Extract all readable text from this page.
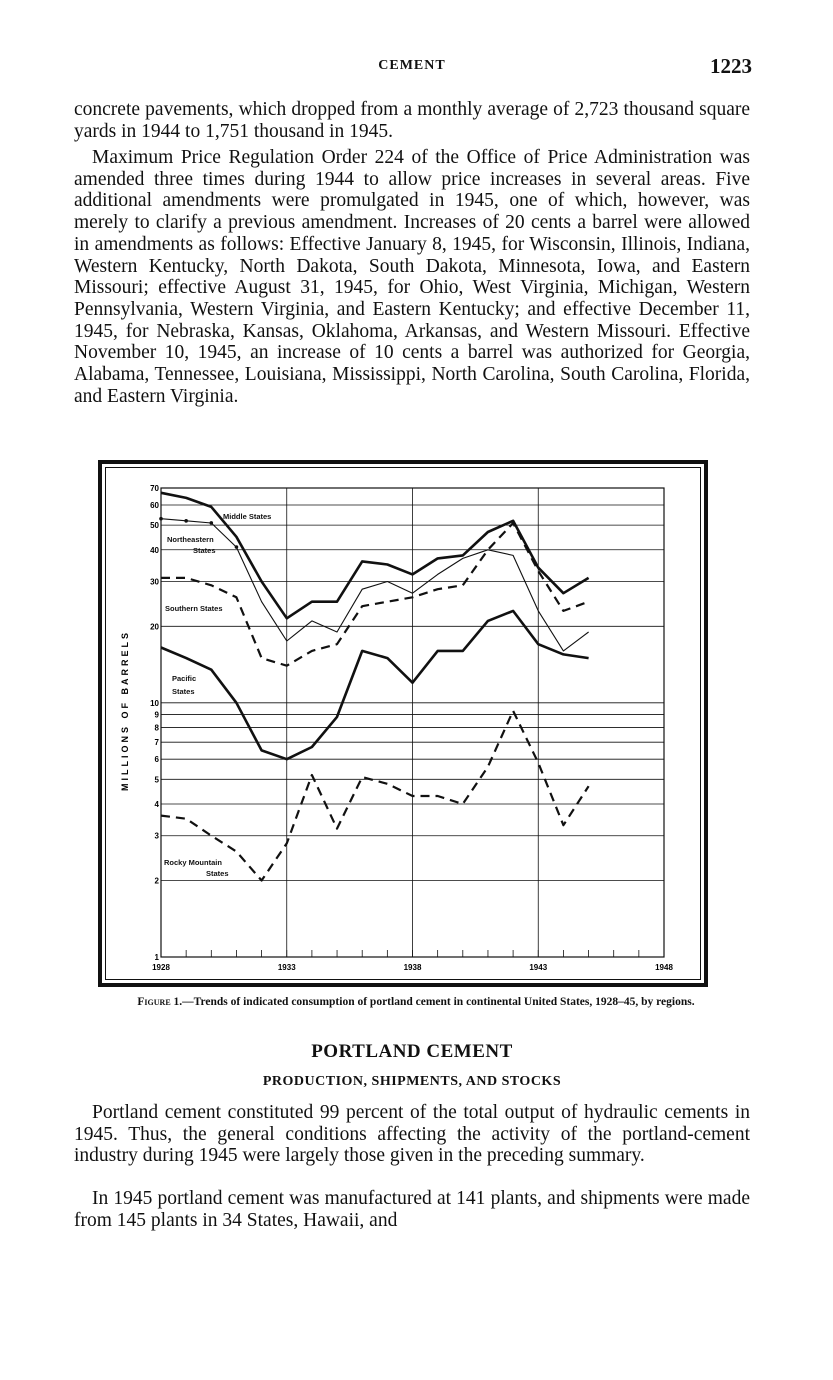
CEMENT	1223

concrete pavements, which dropped from a monthly average of 2,723 thousand square yards in 1944 to 1,751 thousand in 1945.

Maximum Price Regulation Order 224 of the Office of Price Administration was amended three times during 1944 to allow price increases in several areas. Five additional amendments were promulgated in 1945, one of which, however, was merely to clarify a previous amendment. Increases of 20 cents a barrel were allowed in amendments as follows: Effective January 8, 1945, for Wisconsin, Illinois, Indiana, Western Kentucky, North Dakota, South Dakota, Minnesota, Iowa, and Eastern Missouri; effective August 31, 1945, for Ohio, West Virginia, Michigan, Western Pennsylvania, Western Virginia, and Eastern Kentucky; and effective December 11, 1945, for Nebraska, Kansas, Oklahoma, Arkansas, and Western Missouri. Effective November 10, 1945, an increase of 10 cents a barrel was authorized for Georgia, Alabama, Tennessee, Louisiana, Mississippi, North Carolina, South Carolina, Florida, and Eastern Virginia.

70
60
50
40
30
20
10
9
8
7
6
5
4
3
2
1
1928	1933	1938	1943	1948
MILLIONS OF BARRELS
Middle States
Northeastern
States
Southern States
Pacific
States
Rocky Mountain
States
Figure 1.—Trends of indicated consumption of portland cement in continental United States, 1928–45, by regions.
PORTLAND CEMENT
PRODUCTION, SHIPMENTS, AND STOCKS

Portland cement constituted 99 percent of the total output of hydraulic cements in 1945. Thus, the general conditions affecting the activity of the portland-cement industry during 1945 were largely those given in the preceding summary.

In 1945 portland cement was manufactured at 141 plants, and shipments were made from 145 plants in 34 States, Hawaii, and
